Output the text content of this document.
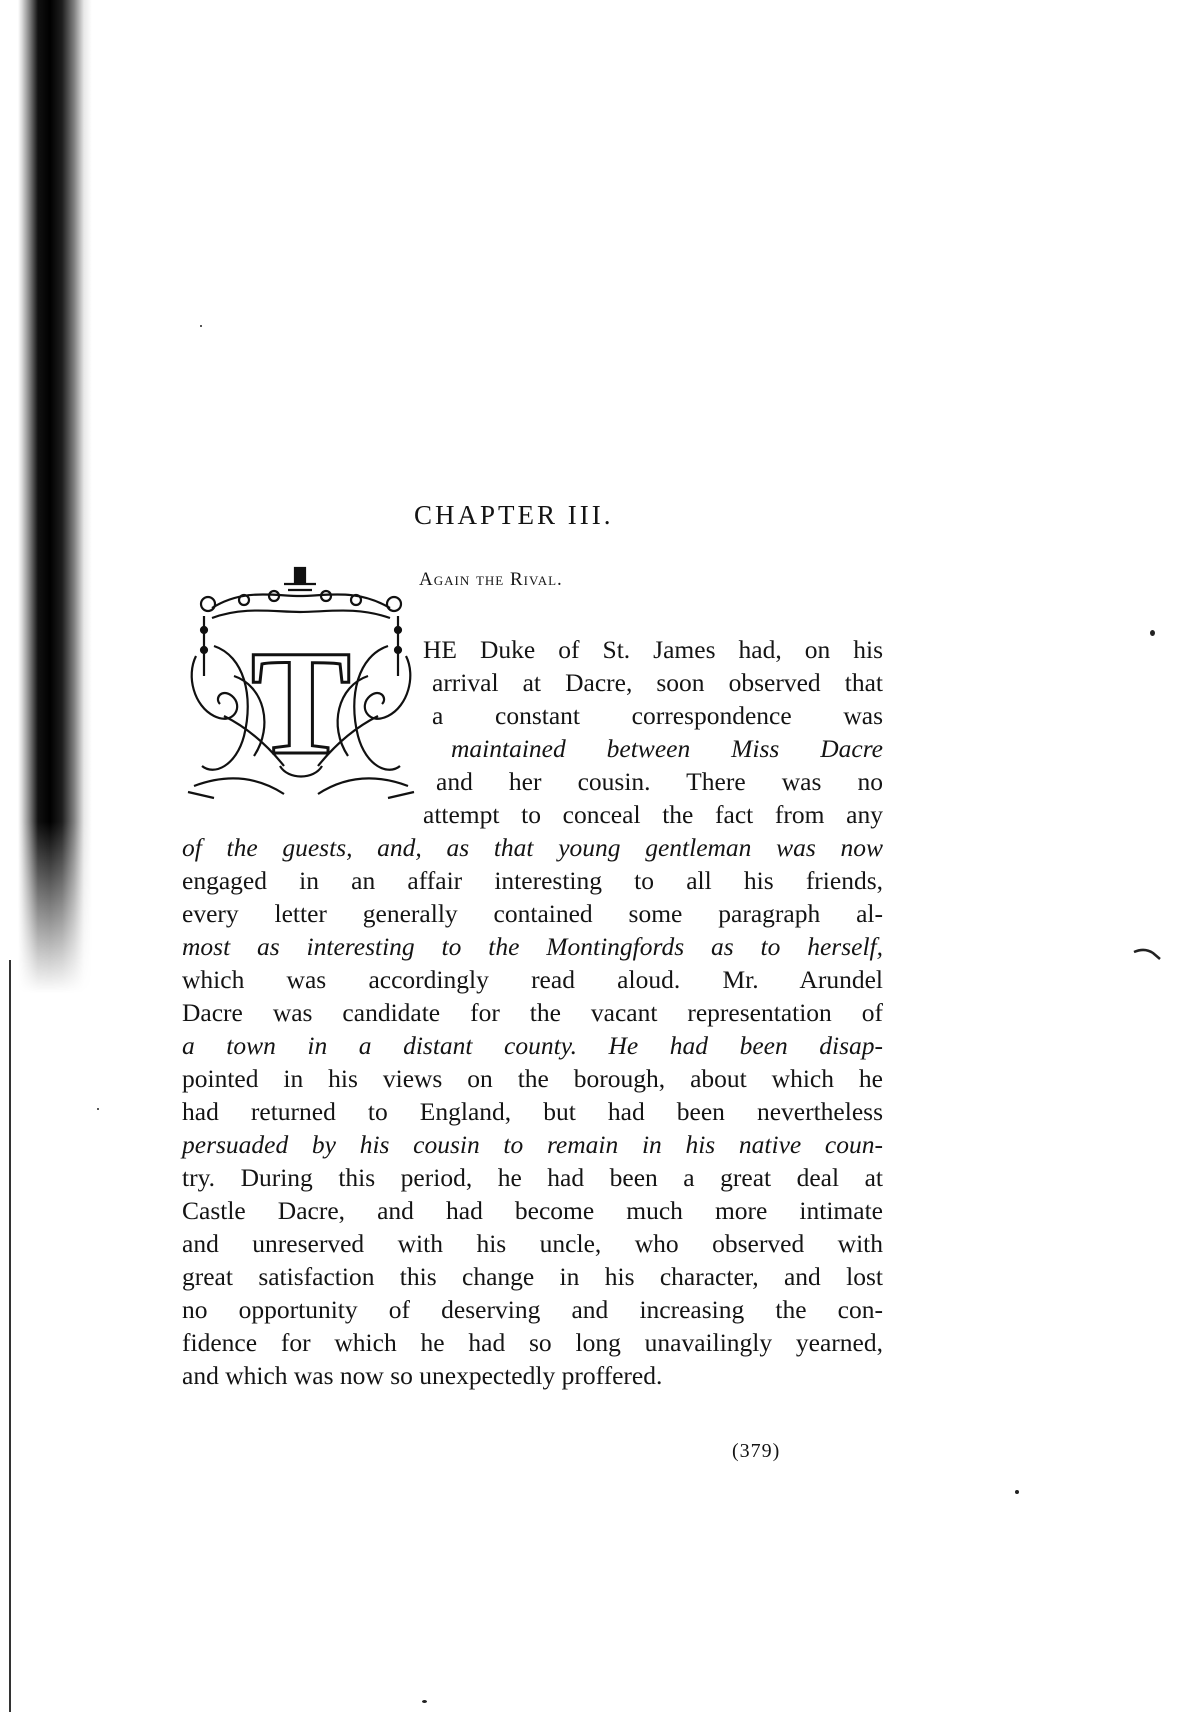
CHAPTER III.
Again the Rival.
T	HE Duke of St. James had, on his
arrival at Dacre, soon observed that
a constant correspondence was
maintained between Miss Dacre
and her cousin. There was no
attempt to conceal the fact from any
of the guests, and, as that young gentleman was now
engaged in an affair interesting to all his friends,
every letter generally contained some paragraph al-
most as interesting to the Montingfords as to herself,
which was accordingly read aloud. Mr. Arundel
Dacre was candidate for the vacant representation of
a town in a distant county. He had been disap-
pointed in his views on the borough, about which he
had returned to England, but had been nevertheless
persuaded by his cousin to remain in his native coun-
try. During this period, he had been a great deal at
Castle Dacre, and had become much more intimate
and unreserved with his uncle, who observed with
great satisfaction this change in his character, and lost
no opportunity of deserving and increasing the con-
fidence for which he had so long unavailingly yearned,
and which was now so unexpectedly proffered.
(379)
